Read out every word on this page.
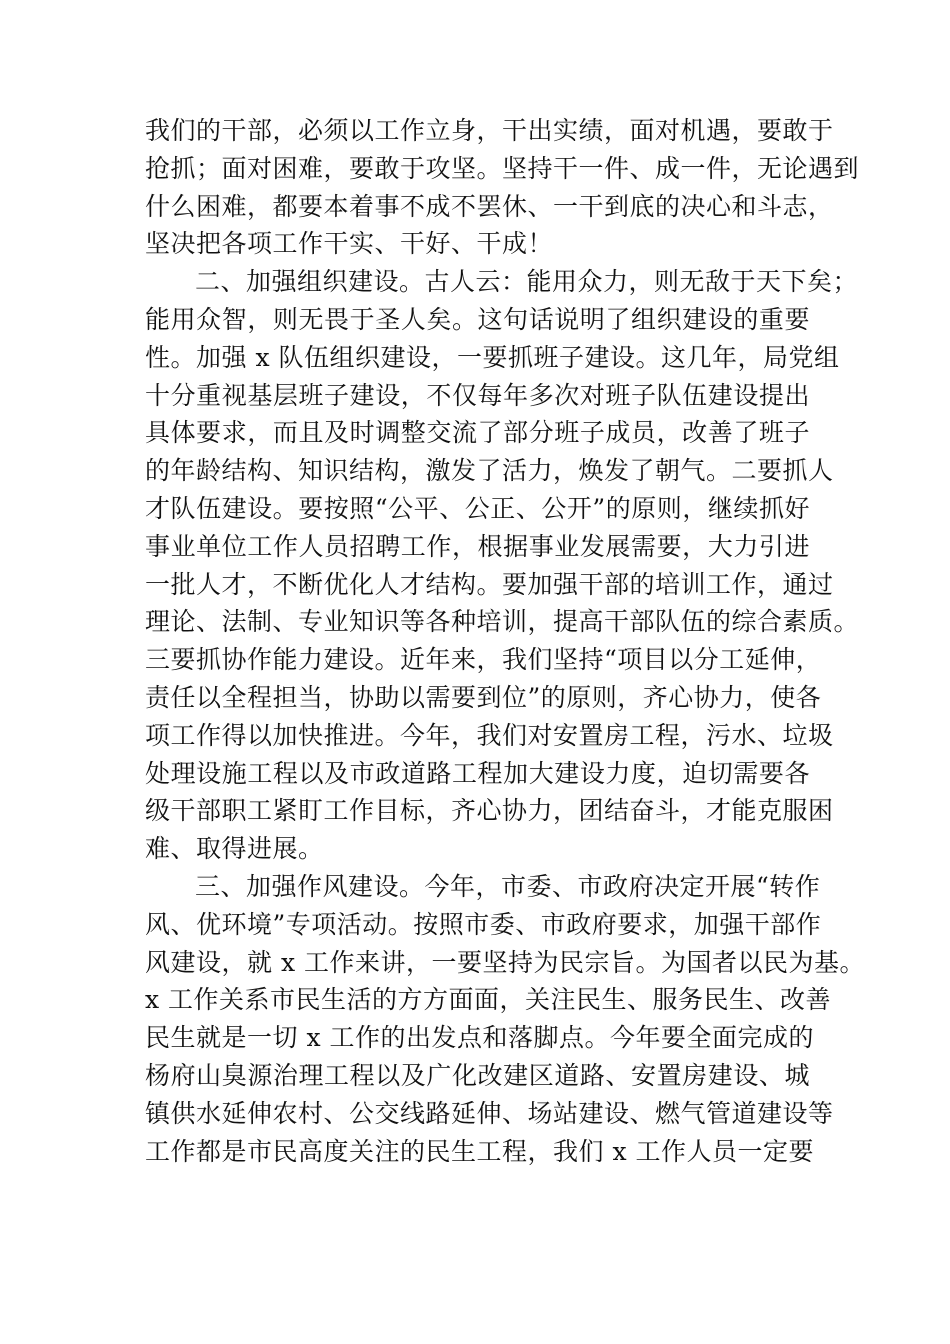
我们的干部，必须以工作立身，干出实绩，面对机遇，要敢于
抢抓；面对困难，要敢于攻坚。坚持干一件、成一件，无论遇到
什么困难，都要本着事不成不罢休、一干到底的决心和斗志，
坚决把各项工作干实、干好、干成！
二、加强组织建设。古人云：能用众力，则无敌于天下矣；
能用众智，则无畏于圣人矣。这句话说明了组织建设的重要
性。加强 x 队伍组织建设，一要抓班子建设。这几年，局党组
十分重视基层班子建设，不仅每年多次对班子队伍建设提出
具体要求，而且及时调整交流了部分班子成员，改善了班子
的年龄结构、知识结构，激发了活力，焕发了朝气。二要抓人
才队伍建设。要按照“公平、公正、公开”的原则，继续抓好
事业单位工作人员招聘工作，根据事业发展需要，大力引进
一批人才，不断优化人才结构。要加强干部的培训工作，通过
理论、法制、专业知识等各种培训，提高干部队伍的综合素质。
三要抓协作能力建设。近年来，我们坚持“项目以分工延伸，
责任以全程担当，协助以需要到位”的原则，齐心协力，使各
项工作得以加快推进。今年，我们对安置房工程，污水、垃圾
处理设施工程以及市政道路工程加大建设力度，迫切需要各
级干部职工紧盯工作目标，齐心协力，团结奋斗，才能克服困
难、取得进展。
三、加强作风建设。今年，市委、市政府决定开展“转作
风、优环境”专项活动。按照市委、市政府要求，加强干部作
风建设，就 x 工作来讲，一要坚持为民宗旨。为国者以民为基。
x 工作关系市民生活的方方面面，关注民生、服务民生、改善
民生就是一切 x 工作的出发点和落脚点。今年要全面完成的
杨府山臭源治理工程以及广化改建区道路、安置房建设、城
镇供水延伸农村、公交线路延伸、场站建设、燃气管道建设等
工作都是市民高度关注的民生工程，我们 x 工作人员一定要
